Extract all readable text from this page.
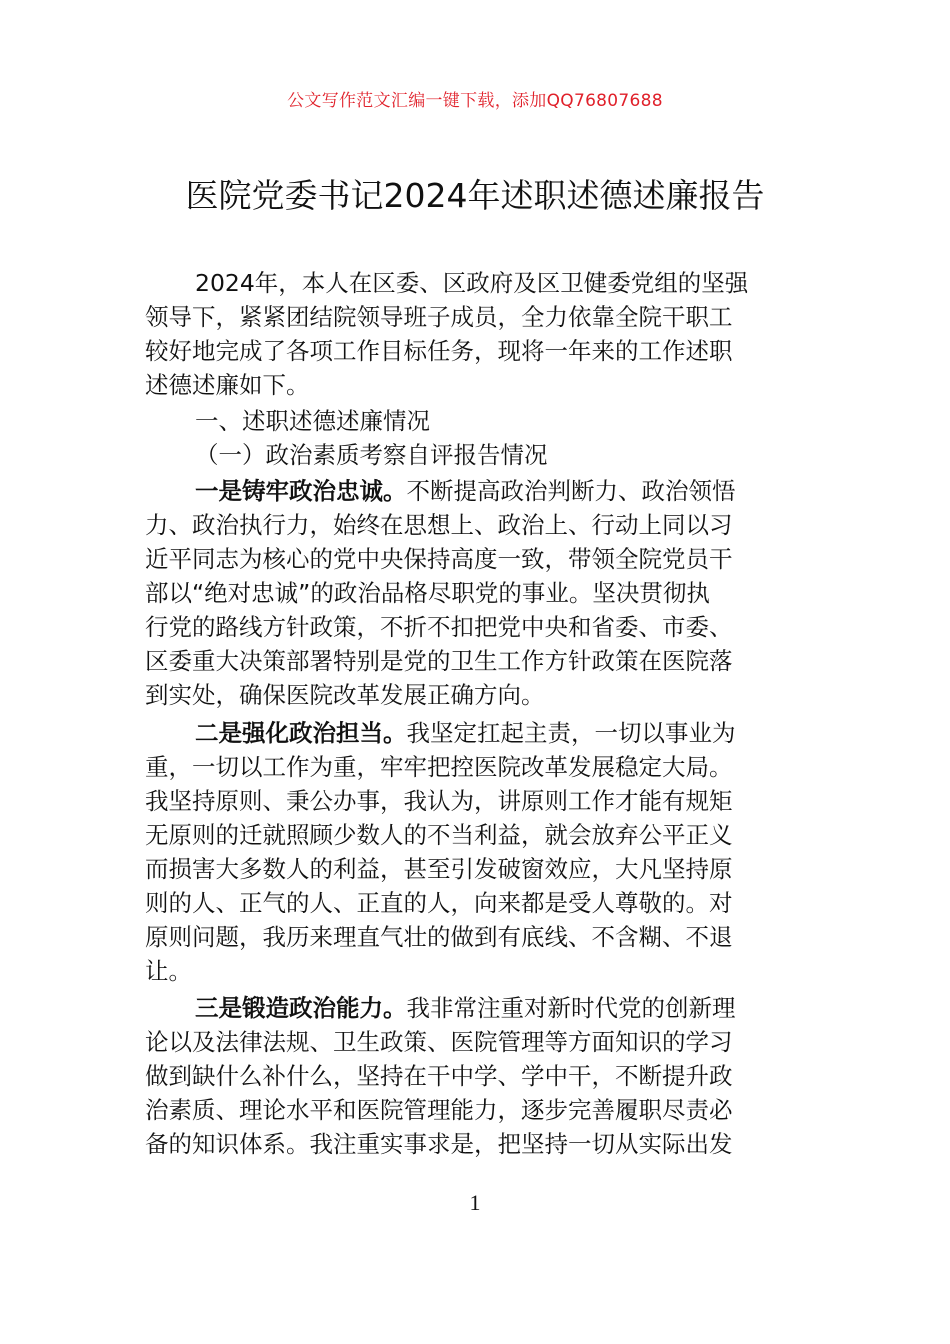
公文写作范文汇编一键下载，添加QQ76807688
医院党委书记2024年述职述德述廉报告
2024年，本人在区委、区政府及区卫健委党组的坚强
领导下，紧紧团结院领导班子成员，全力依靠全院干职工
较好地完成了各项工作目标任务，现将一年来的工作述职
述德述廉如下。
一、述职述德述廉情况
（一）政治素质考察自评报告情况
一是铸牢政治忠诚。不断提高政治判断力、政治领悟
力、政治执行力，始终在思想上、政治上、行动上同以习
近平同志为核心的党中央保持高度一致，带领全院党员干
部以“绝对忠诚”的政治品格尽职党的事业。坚决贯彻执
行党的路线方针政策，不折不扣把党中央和省委、市委、
区委重大决策部署特别是党的卫生工作方针政策在医院落
到实处，确保医院改革发展正确方向。
二是强化政治担当。我坚定扛起主责，一切以事业为
重，一切以工作为重，牢牢把控医院改革发展稳定大局。
我坚持原则、秉公办事，我认为，讲原则工作才能有规矩
无原则的迁就照顾少数人的不当利益，就会放弃公平正义
而损害大多数人的利益，甚至引发破窗效应，大凡坚持原
则的人、正气的人、正直的人，向来都是受人尊敬的。对
原则问题，我历来理直气壮的做到有底线、不含糊、不退
让。
三是锻造政治能力。我非常注重对新时代党的创新理
论以及法律法规、卫生政策、医院管理等方面知识的学习
做到缺什么补什么，坚持在干中学、学中干，不断提升政
治素质、理论水平和医院管理能力，逐步完善履职尽责必
备的知识体系。我注重实事求是，把坚持一切从实际出发
1
